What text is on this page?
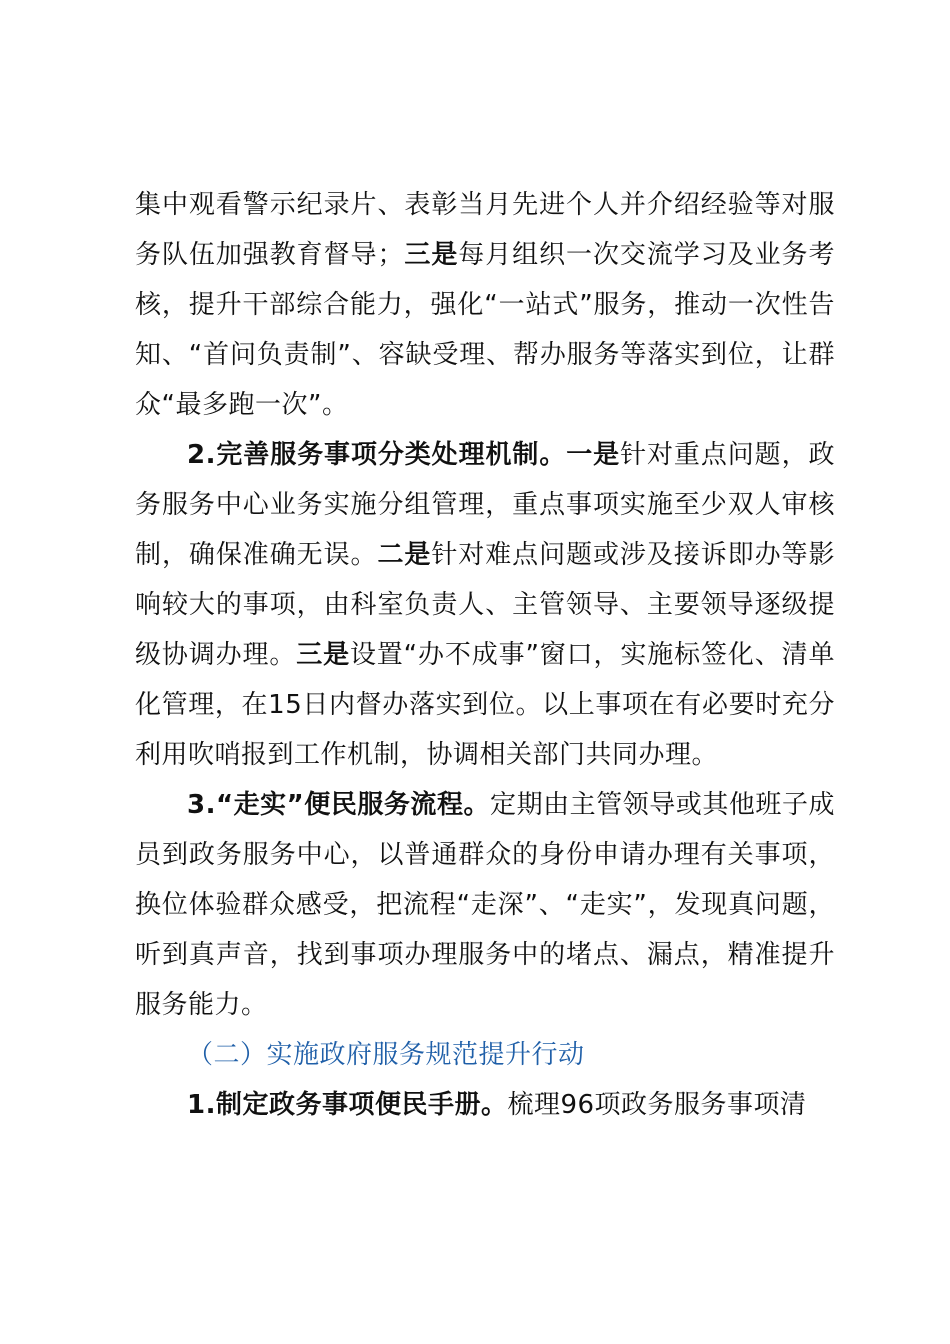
集中观看警示纪录片、表彰当月先进个人并介绍经验等对服务队伍加强教育督导；三是每月组织一次交流学习及业务考核，提升干部综合能力，强化“一站式”服务，推动一次性告知、“首问负责制”、容缺受理、帮办服务等落实到位，让群众“最多跑一次”。

2.完善服务事项分类处理机制。一是针对重点问题，政务服务中心业务实施分组管理，重点事项实施至少双人审核制，确保准确无误。二是针对难点问题或涉及接诉即办等影响较大的事项，由科室负责人、主管领导、主要领导逐级提级协调办理。三是设置“办不成事”窗口，实施标签化、清单化管理，在15日内督办落实到位。以上事项在有必要时充分利用吹哨报到工作机制，协调相关部门共同办理。

3.“走实”便民服务流程。定期由主管领导或其他班子成员到政务服务中心，以普通群众的身份申请办理有关事项，换位体验群众感受，把流程“走深”、“走实”，发现真问题，听到真声音，找到事项办理服务中的堵点、漏点，精准提升服务能力。

（二）实施政府服务规范提升行动

1.制定政务事项便民手册。梳理96项政务服务事项清
